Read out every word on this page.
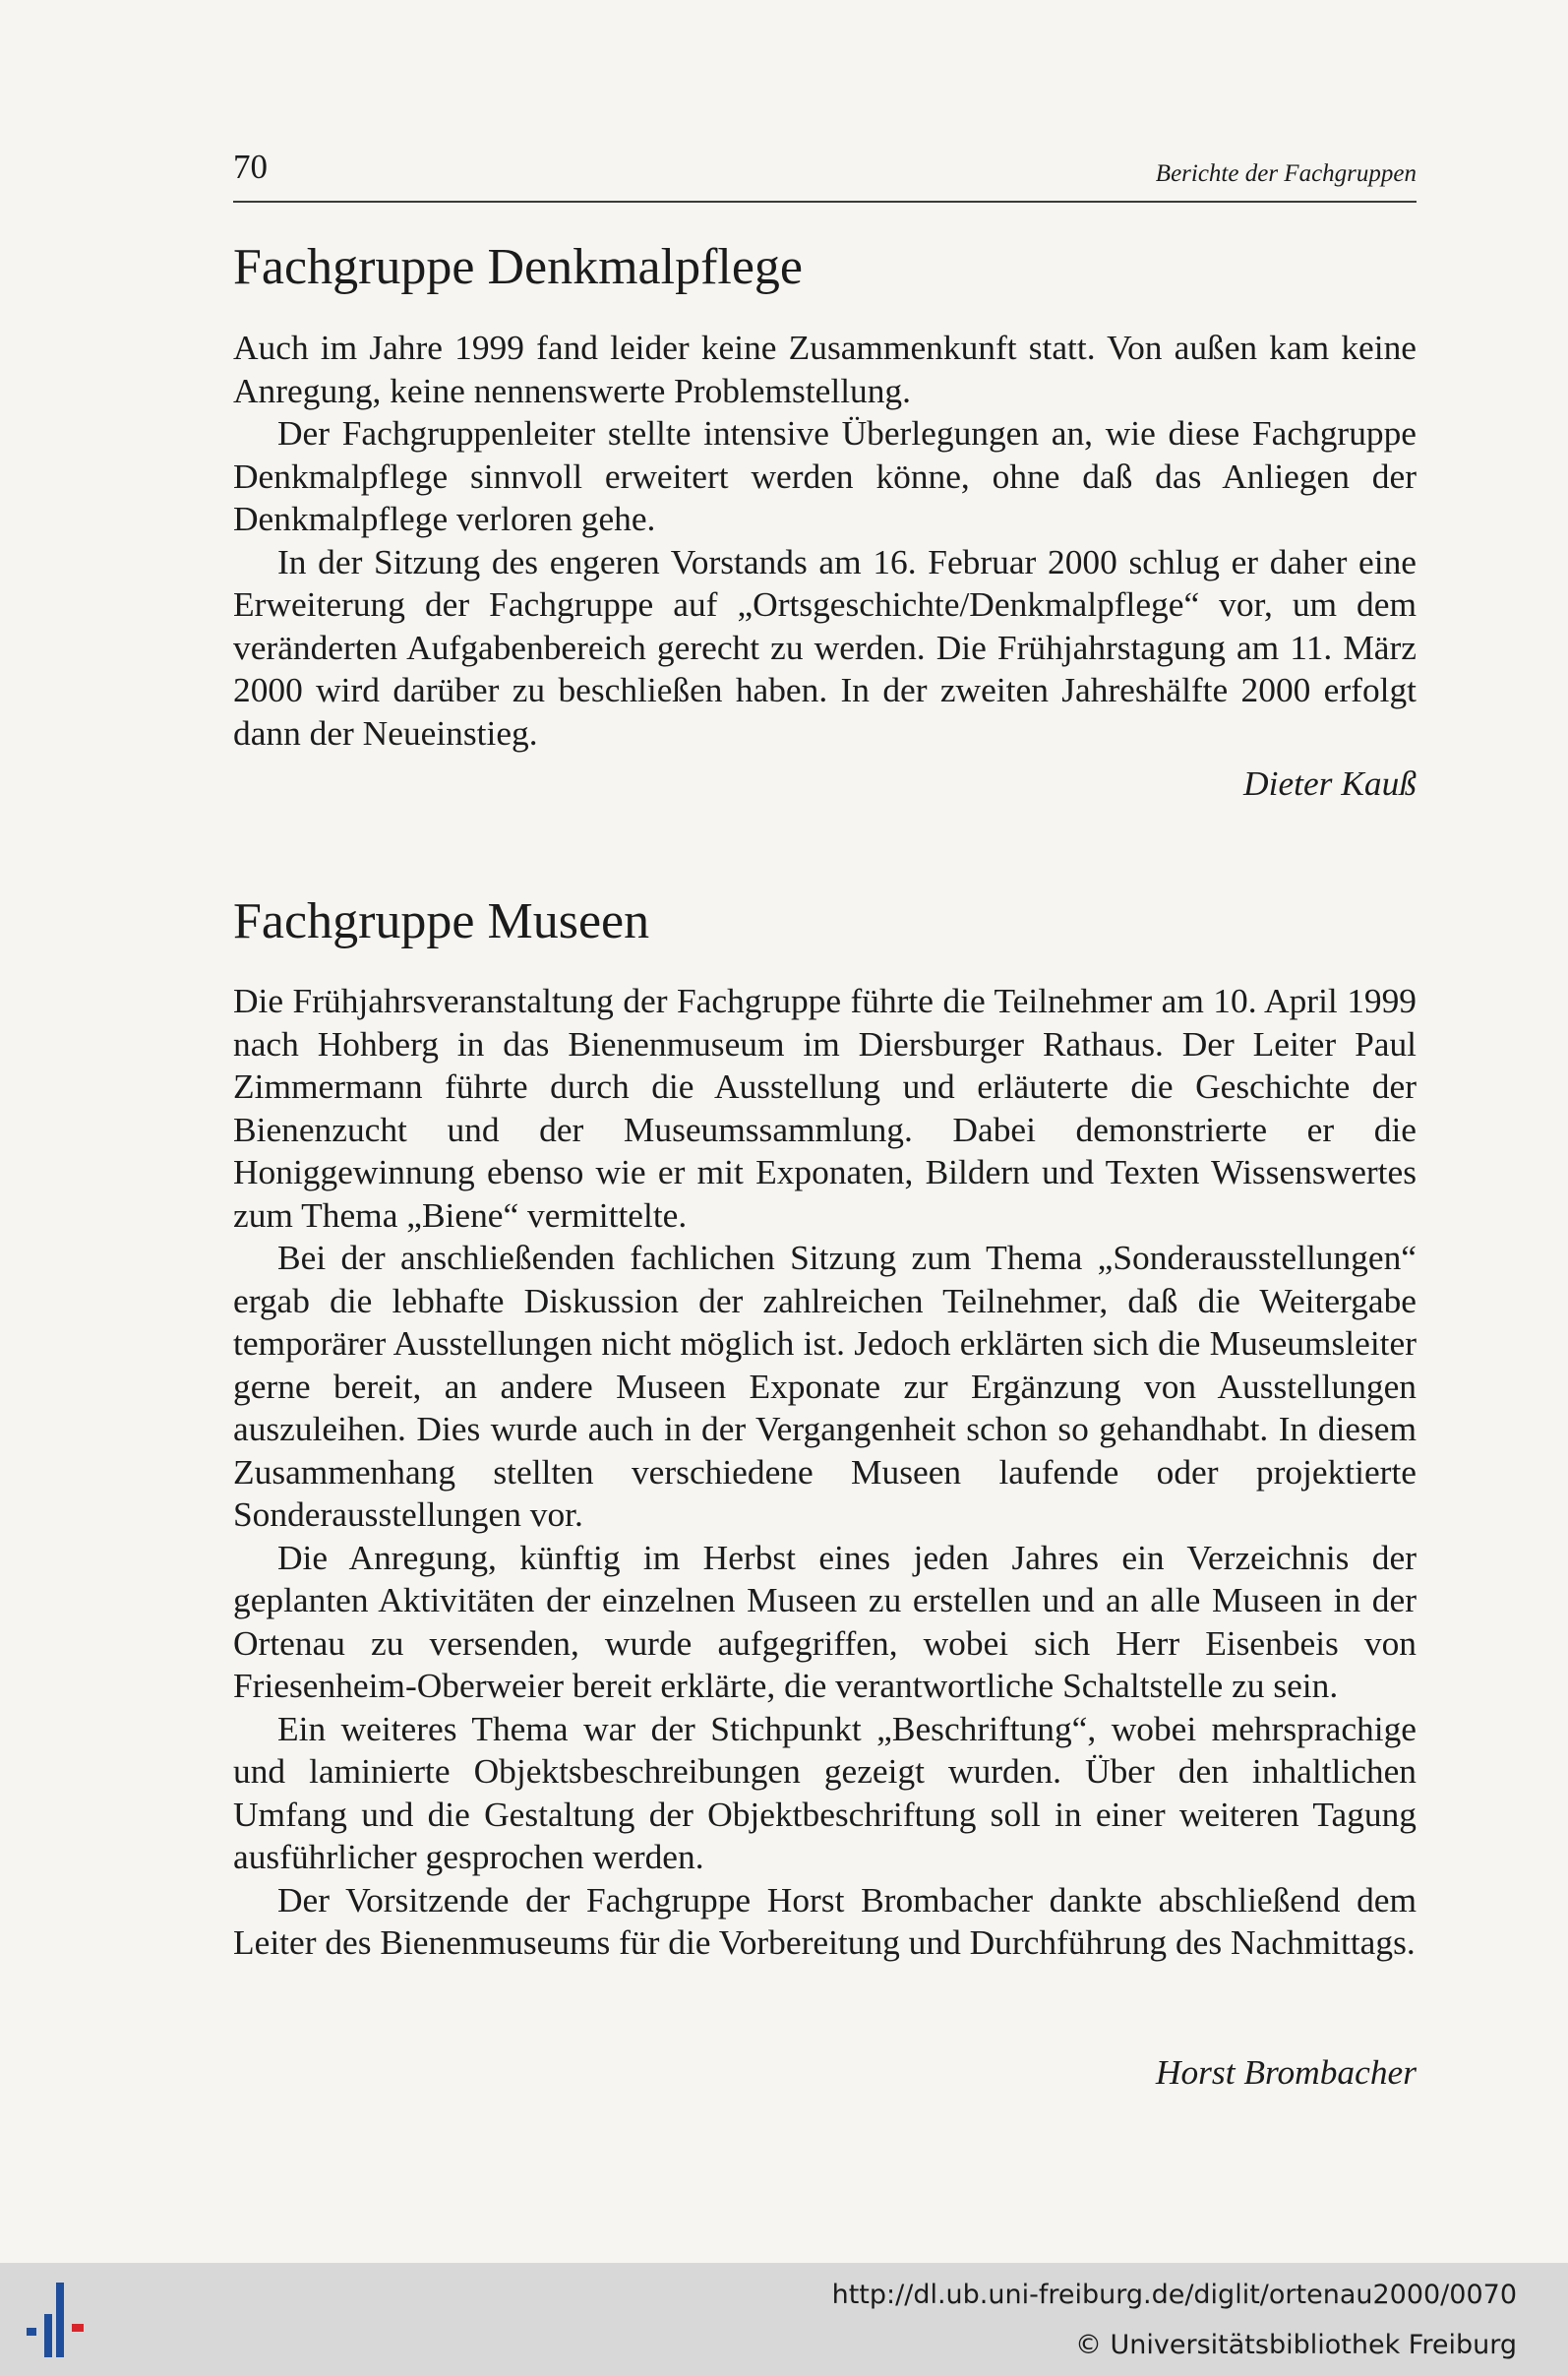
70	Berichte der Fachgruppen
Fachgruppe Denkmalpflege

Auch im Jahre 1999 fand leider keine Zusammenkunft statt. Von außen kam keine Anregung, keine nennenswerte Problemstellung.

Der Fachgruppenleiter stellte intensive Überlegungen an, wie diese Fachgruppe Denkmalpflege sinnvoll erweitert werden könne, ohne daß das Anliegen der Denkmalpflege verloren gehe.

In der Sitzung des engeren Vorstands am 16. Februar 2000 schlug er daher eine Erweiterung der Fachgruppe auf „Ortsgeschichte/Denkmalpflege“ vor, um dem veränderten Aufgabenbereich gerecht zu werden. Die Frühjahrstagung am 11. März 2000 wird darüber zu beschließen haben. In der zweiten Jahreshälfte 2000 erfolgt dann der Neueinstieg.

Dieter Kauß
Fachgruppe Museen

Die Frühjahrsveranstaltung der Fachgruppe führte die Teilnehmer am 10. April 1999 nach Hohberg in das Bienenmuseum im Diersburger Rathaus. Der Leiter Paul Zimmermann führte durch die Ausstellung und erläuterte die Geschichte der Bienenzucht und der Museumssammlung. Dabei demonstrierte er die Honiggewinnung ebenso wie er mit Exponaten, Bildern und Texten Wissenswertes zum Thema „Biene“ vermittelte.

Bei der anschließenden fachlichen Sitzung zum Thema „Sonderausstellungen“ ergab die lebhafte Diskussion der zahlreichen Teilnehmer, daß die Weitergabe temporärer Ausstellungen nicht möglich ist. Jedoch erklärten sich die Museumsleiter gerne bereit, an andere Museen Exponate zur Ergänzung von Ausstellungen auszuleihen. Dies wurde auch in der Vergangenheit schon so gehandhabt. In diesem Zusammenhang stellten verschiedene Museen laufende oder projektierte Sonderausstellungen vor.

Die Anregung, künftig im Herbst eines jeden Jahres ein Verzeichnis der geplanten Aktivitäten der einzelnen Museen zu erstellen und an alle Museen in der Ortenau zu versenden, wurde aufgegriffen, wobei sich Herr Eisenbeis von Friesenheim-Oberweier bereit erklärte, die verantwortliche Schaltstelle zu sein.

Ein weiteres Thema war der Stichpunkt „Beschriftung“, wobei mehrsprachige und laminierte Objektsbeschreibungen gezeigt wurden. Über den inhaltlichen Umfang und die Gestaltung der Objektbeschriftung soll in einer weiteren Tagung ausführlicher gesprochen werden.

Der Vorsitzende der Fachgruppe Horst Brombacher dankte abschließend dem Leiter des Bienenmuseums für die Vorbereitung und Durchführung des Nachmittags.

Horst Brombacher
http://dl.ub.uni-freiburg.de/diglit/ortenau2000/0070
© Universitätsbibliothek Freiburg
